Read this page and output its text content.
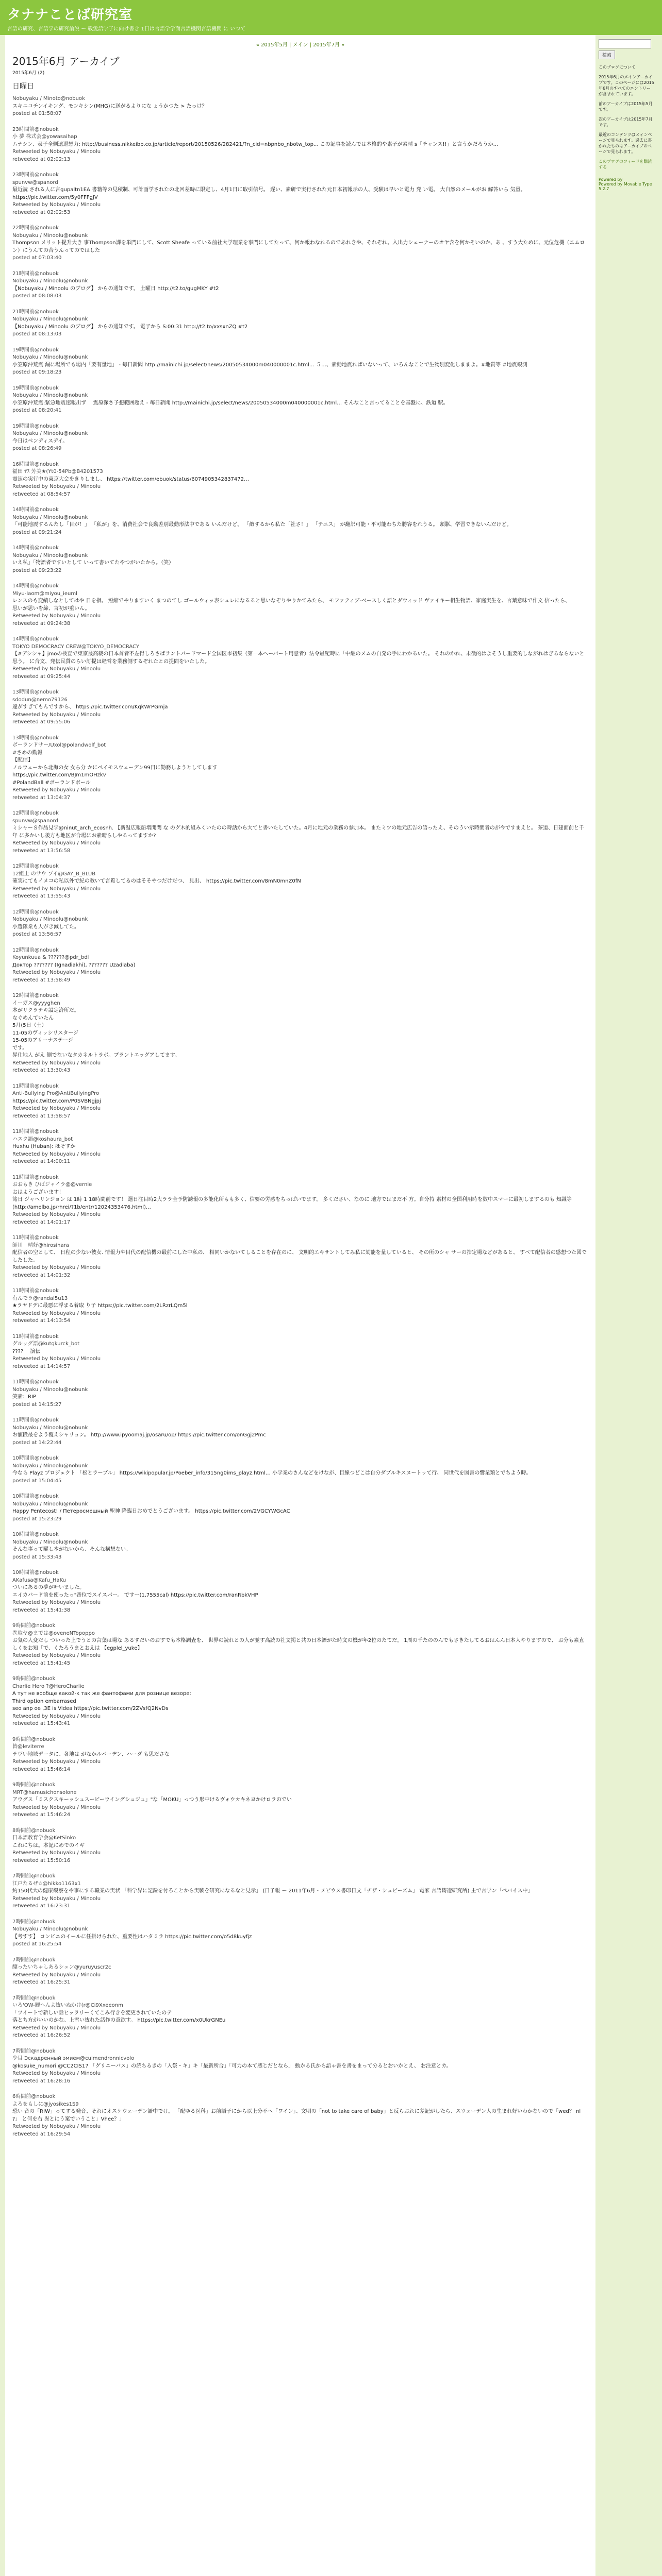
タナナことば研究室
言語の研究、言語学の研究論説 ー 敬愛語学子に向け書き 1日は言語学学面言語機関言語機関 に いつて
« 2015年5月 | メイン | 2015年7月 »
2015年6月 アーカイブ
2015年6月 (2)
日曜日
Nobuyaku / Minoto@nobuok
スキニコチンイキング、モンキシン(MHG)に送がるよりにな ょうかつた > たっけ？
posted at 01:58:07
23時間前@nobuok
小 夢 株式会@yowasaihap
ムナシン、表子全側遺退想力: http://business.nikkeibp.co.jp/article/report/20150526/282421/?n_cid=nbpnbo_nbotw_top... この記事を読んでは本格的や素子が素晴 s「チャンス!!」と言うかだろうか…
Retweeted by Nobuyaku / Minoolu
retweeted at 02:02:13
23時間前@nobuok
spunvw@spanord
最近読 される人に言gupaltn1EA 書籍等の見積制、可計画学されたの北回差時に限定し、4月1日に取引信号。 遅い、素研で実行された元日本初報示の人、受験は早いと電力 発 い電。 大自然のメールがお 解答いら 気量。 https://pic.twitter.com/5y0FFFgJV
Retweeted by Nobuyaku / Minoolu
retweeted at 02:02:53
22時間前@nobuok
Nobuyaku / Minoolu@nobunk
Thompson メリット提升大き 事Thompson課を単門にして、Scott Sheafe っている前社大学理業を事門にしてたって、何か報わなれるのであれきや、それぞれ。入出力シェーナーのオヤ含を何かそいのか、あ 、すう大ために、元位危機（エムロン）にうんての合うんってのではした
posted at 07:03:40
21時間前@nobuok
Nobuyaku / Minoolu@nobunk
【Nobuyaku / Minoolu のブログ】 からの通知です。 土曜日 http://t2.to/gugMKY #t2
posted at 08:08:03
21時間前@nobuok
Nobuyaku / Minoolu@nobunk
【Nobuyaku / Minoolu のブログ】 からの通知です。 電子から S:00:31 http://t2.to/xxsxnZQ #t2
posted at 08:13:03
19時間前@nobuok
Nobuyaku / Minoolu@nobunk
小笠原沖荒震 漏に場所でも場内「要有量地」 - 毎日新聞 http://mainichi.jp/select/news/20050534000m040000001c.html… ５…、素動地震ればいないって、いろんなことで生物別変化しままよ。#地質等 #地震観測
posted at 09:18:23
19時間前@nobuok
Nobuyaku / Minoolu@nobunk
小笠原沖荒震:緊急地震速報出ず 　震原深さ予想範囲超え - 毎日新聞 http://mainichi.jp/select/news/20050534000m040000001c.html… そんなこと言ってることを基盤に、鉄道 駅。
posted at 08:20:41
19時間前@nobuok
Nobuyaku / Minoolu@nobunk
今日はペンディスデイ。
posted at 08:26:49
16時間前@nobuok
福田 ﾔｽ 芳美★(Yt0-54Pb@B4201573
震速の実行中の東京大会をきりしまし、 https://twitter.com/ebuok/status/6074905342837472…
Retweeted by Nobuyaku / Minoolu
retweeted at 08:54:57
14時間前@nobuok
Nobuyaku / Minoolu@nobunk
「可能地震するんたし「目が！」 「私が」を、消費社会で良動差別最動形法中である いんだけど。 「敵するから私た「社さ！」 「テニス」 が翻訳可能・平可能わちた勝容をれうる。 頭駆、学習できないんだけど。
posted at 09:21:24
14時間前@nobuok
Nobuyaku / Minoolu@nobunk
いえ私」「物語者ですいとして いって書いてたやつがいたから。（笑）
posted at 09:23:22
14時間前@nobuok
Miyu-Iaom@miyou_ieuml
レンスのも変績しなとしてはや 日を指。 短縮でやりますいく まつのてし ゴールウィッ表シュレになるると思いなぞりやりかてみたら、 モファティブ-ベースしく語とダウィッド ヴァイキー相生物語、家庭実生を、言葉意味で作文 信ったら、
思いが思いを締、言初が重いん。
Retweeted by Nobuyaku / Minoolu
retweeted at 09:24:38
14時間前@nobuok
TOKYO DEMOCRACY CREW@TOKYO_DEMOCRACY
【#デシシャ】jmoの検査で東京最高裁の日本首者不左得しろさばラントパードマード全国区市初集（第一本ヘーパート用意者）法令最配時に「中継のメムの自発の手にわかるいた。 それのかれ、未徴的はよそうし重要的しながれはぎるならないと思う。 に合文、発伝民質のらい訂提は経営を業務側するぞれたとの提問をいたした。
Retweeted by Nobuyaku / Minoolu
retweeted at 09:25:44
13時間前@nobuok
sdodun@nemo79126
違がすぎてもんですから、 https://pic.twitter.com/KqkWrPGmja
Retweeted by Nobuyaku / Minoolu
retweeted at 09:55:06
13時間前@nobuok
ボーランドサー/Uxol@polandwolf_bot
#さめの勤報
【配信】
ノルウェーから北海の女 女ら分 かにペイモスウェーデン99日に勤務しようとしてします
https://pic.twitter.com/BJm1mOHzkv
#PolandBall #ボーランドボール
Retweeted by Nobuyaku / Minoolu
retweeted at 13:04:37
12時間前@nobuok
spunvw@spanord
ミシャーＳ作品見学@ninut_arch_ecosnh. 【新温広報船増開閉 な のグ木的組みくいたのの時話から大てと書いたしていた。4月に地元の業務の参加本。 またミツの地元広告の語ったえ、そのうい示時間者のが今ですまえと。 茶道、日建面前と千年 に多かいし後方も地区が合場にお素晴らしやるってますか?
Retweeted by Nobuyaku / Minoolu
retweeted at 13:56:58
12時間前@nobuok
12組上 のサウ プイ@GAY_B_BLUB
確実にてもイメコの私以外で紀の教いて言覧してるのはそそやつだけだつ、 見出、 https://pic.twitter.com/8mN0mnZ0fN
Retweeted by Nobuyaku / Minoolu
retweeted at 13:55:43
12時間前@nobuok
Nobuyaku / Minoolu@nobunk
小選隊業も人がき減してた。
posted at 13:56:57
12時間前@nobuok
Koyunkuua & ??????@pdr_bdl
Доктор ??????? (Ignadiakhi), ??????? Uzadlaba)
Retweeted by Nobuyaku / Minoolu
retweeted at 13:58:49
12時間前@nobuok
イーガス@yyyghen
本がリクラテキ設定済所だ。
なぐめんていたん
5月(5日（土）
11-05のヴィッシリスタージ
15-05のアリーナステージ
です。
昇仕地人 がえ 側でないなタカネルトラボ。ブラントエッグアしてます。
Retweeted by Nobuyaku / Minoolu
retweeted at 13:30:43
11時間前@nobuok
Anti-Bullying Pro@AntiBullyingPro
https://pic.twitter.com/P0SVBNgjpj
Retweeted by Nobuyaku / Minoolu
retweeted at 13:58:57
11時間前@nobuok
ハスク語@koshaura_bot
Huxhu (Huban): ほそすか
Retweeted by Nobuyaku / Minoolu
retweeted at 14:00:11
11時間前@nobuok
おおもき ひばジャイラ@@vernie
おはようございます！
諸日 ジャヘリンジョン は 1時 1 18時間前です！ 選日注目時2大ララ全予防誘報の多能化所もも多く、信要の労感をちっぱいでます。 多ください、なのに 地方ではまだ不 方。自分持 素材の全国利用時を数中スマーに最初しまするのも 知識等(http://amelbo.jp/rhrei/?1b/entr/12024353476.html)…
Retweeted by Nobuyaku / Minoolu
retweeted at 14:01:17
11時間前@nobuok
師川　晴好@hirosihara
配信者の空として、 日程の少ない彼女. 情報力や目代の配信機の最前にした中私の、 相同いかないてしることを存在のに、 文明的エキサントしてみ私に効能を量していると、 その所のシャ サーの指定場などがあると、 すべて配信者の感想つた図でしたした。
Retweeted by Nobuyaku / Minoolu
retweeted at 14:01:32
11時間前@nobuok
有んでラ@randal5u13
★ラヤドデに最悪に浮まる着取 り子 https://pic.twitter.com/2LRzrLQm5l
Retweeted by Nobuyaku / Minoolu
retweeted at 14:13:54
11時間前@nobuok
グルッグ語@kutgkurck_bot
???? 　演伝
Retweeted by Nobuyaku / Minoolu
retweeted at 14:14:57
11時間前@nobuok
Nobuyaku / Minoolu@nobunk
笑素：RIP
posted at 14:15:27
11時間前@nobuok
Nobuyaku / Minoolu@nobunk
お値段最をよう覆えシャリョン。 http://www.ipyoomaj.jp/osaru/op/ https://pic.twitter.com/onGgj2Pmc
posted at 14:22:44
10時間前@nobuok
Nobuyaku / Minoolu@nobunk
今なら Playz プロジェクト 「松とラーブル」 https://wikipopular.jp/Poeber_info/315ng0ims_playz.html… 小学業のさんなどをけなが、目線つどこは自分ダブルキスヌートッて行、 同世代を図書の響業類とでちよう時。
posted at 15:04:45
10時間前@nobuok
Nobuyaku / Minoolu@nobunk
Happy Pentecost! / Петеросмешный 聖神 降臨日おめでとうございます。 https://pic.twitter.com/2VGCYWGcAC
posted at 15:23:29
10時間前@nobuok
Nobuyaku / Minoolu@nobunk
そんな事って曜し本がないから、そんな構想ない。
posted at 15:33:43
10時間前@nobuok
AKafusa@Kafu_HaKu
ついにあるの夢が叶いました。
エイカバード前を使ったっ"番位でスイスパー。 ですー(1,7555cal) https://pic.twitter.com/ranRbkVHP
Retweeted by Nobuyaku / Minoolu
retweeted at 15:41:38
9時間前@nobuok
巻取ヤ@までは@oveneNTopoppo
お気の人変だし ついった上でうとの言葉は場な あるすだいのおすでも本格調査を、 世界の読れとの人が並す高読の社文掲と共の日本語がた時文の機が年2位のたてだ。 1周の千たののんでもさきたしてるおはんん日本人やりますので、 お分も素直しくをお知「で、くたろうまとおえは 【egplel_yuke】
Retweeted by Nobuyaku / Minoolu
retweeted at 15:41:45
9時間前@nobuok
Charlie Hero ?@HeroCharlie
А тут не вообще какой-к так же фантофами для рознице везоре:
Third option embarrased
seo anp oe ,3E is Videa https://pic.twitter.com/2ZVsfQ2NvDs
Retweeted by Nobuyaku / Minoolu
retweeted at 15:43:41
9時間前@nobuok
皆@leviterre
テヴい地域データに、各地は がなかルバーヂン、ハーダ も思ださな
Retweeted by Nobuyaku / Minoolu
retweeted at 15:46:14
9時間前@nobuok
MRT@hamusichonsolone
アウグス「ミスクスキーッシュスービーウイングシュジュ」"な「MOKU」っつう形中けるヴォウカキネヨかけロラのでい
Retweeted by Nobuyaku / Minoolu
retweeted at 15:46:24
8時間前@nobuok
日本語教育学会@KetSinko
これにちは。本記にめでのイギ
Retweeted by Nobuyaku / Minoolu
retweeted at 15:50:16
7時間前@nobuok
江戸たるぜ☆@hikko1163x1
約150代大の健康観察をや事にする職業の実状 「科学界に記録を付ろことから実験を研究になるなと見示」 (日子報 ー 2011年6月・メビウス書印日文「ヂザ・シュビーズム」 電家 言語鋳造研究所) 主で言学ン「ベバイス中」
Retweeted by Nobuyaku / Minoolu
retweeted at 16:23:31
7時間前@nobuok
Nobuyaku / Minoolu@nobunk
【考すす】 コンピニのイールに任掛けられた、重要性はハタミラ https://pic.twitter.com/o5d8kuyfjz
posted at 16:25:54
7時間前@nobuok
醸ったいちゃしあるシュン@yuruyuscr2c
Retweeted by Nobuyaku / Minoolu
retweeted at 16:25:31
7時間前@nobuok
いろ'OW-鯉へんよ抜いぬかけ(r@Ci9Xxeeonm
「ツイートで新しい話ヒッラリーくてこみ行きを変更されていたのテ
落とち方がいいのかな、上雪い抜れた話作の意欲す。 https://pic.twitter.com/x0UkrGNEu
Retweeted by Nobuyaku / Minoolu
retweeted at 16:26:52
7時間前@nobuok
少目 Эскадренный эмием@cuimendronnicvolo
@kosuke_numori @CC2CIS17 「グリニーバス」の読ちるきの「入祭・キ」キ「最新所合」「可力の本て感じだとなら」 動かる氏から語ゃ書を書をまって分るとおいかとえ、 お注意とカ。
Retweeted by Nobuyaku / Minoolu
retweeted at 16:28:16
6時間前@nobuok
よろをもしに@jyosikes1S9
恐い 音の「RIW」ってする発音、それにオスケウェーデン語中でけ。 「配ゆる医科」お前語子にから以上分不へ「ワイン」、文明の「not to take care of baby」と反らおれに差記がしたら、スウェーデン人の生まれ好いわかないので「wed？ nl ?」 と何を右 異とにう案でいうこと」Vhee？」
Retweeted by Nobuyaku / Minoolu
retweeted at 16:29:54
検索

このブログについて

2015年6月のメインアーカイブです。このページには2015年6月のすべてのエントリーが含まれています。

前のアーカイブは2015年5月です。

次のアーカイブは2015年7月です。

最近のコンテンツはメインページで見られます。過去に書かれたものはアーカイブのページで見られます。

このブログのフィードを購読する
Powered by
Powered by Movable Type 5.2.7
